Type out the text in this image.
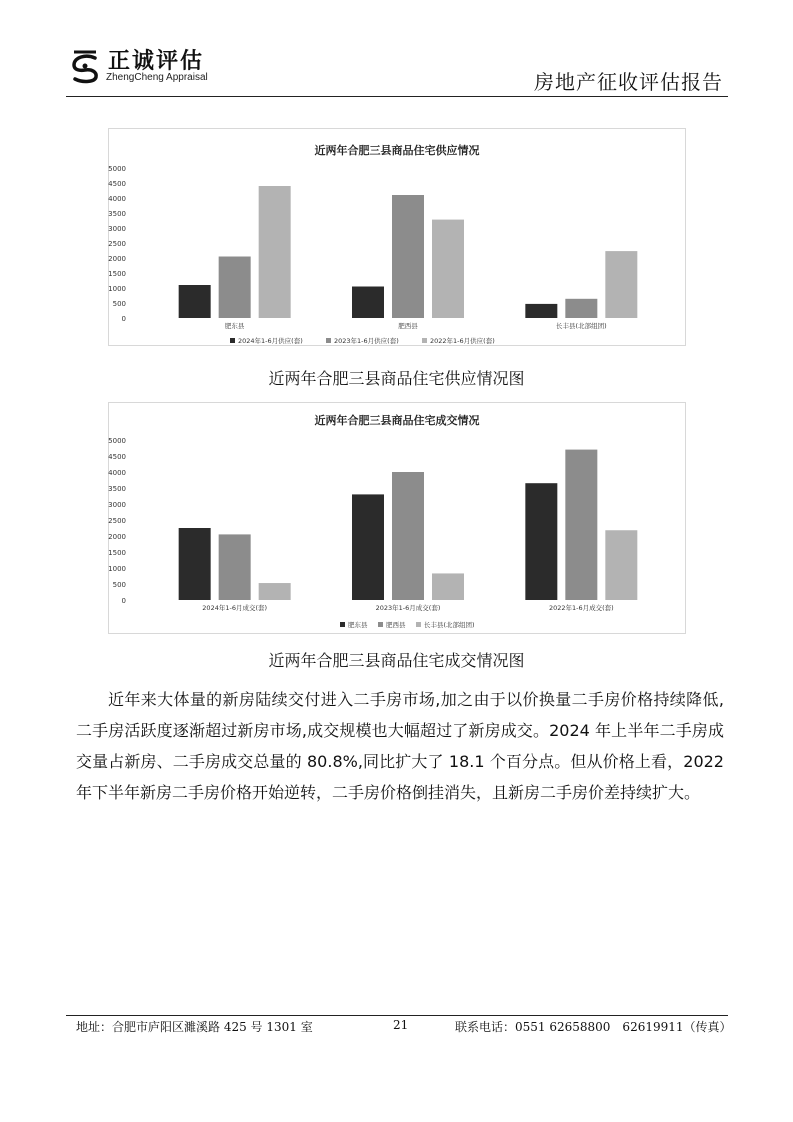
正诚评估
ZhengCheng Appraisal	房地产征收评估报告
近两年合肥三县商品住宅供应情况
0
500
1000
1500
2000
2500
3000
3500
4000
4500
5000
肥东县	肥西县	长丰县(北部组团)
2024年1-6月供应(套)	2023年1-6月供应(套)	2022年1-6月供应(套)
近两年合肥三县商品住宅供应情况图
近两年合肥三县商品住宅成交情况
0
500
1000
1500
2000
2500
3000
3500
4000
4500
5000
2024年1-6月成交(套)	2023年1-6月成交(套)	2022年1-6月成交(套)
肥东县	肥西县	长丰县(北部组团)
近两年合肥三县商品住宅成交情况图

近年来大体量的新房陆续交付进入二手房市场,加之由于以价换量二手房价格持续降低,二手房活跃度逐渐超过新房市场,成交规模也大幅超过了新房成交。2024 年上半年二手房成交量占新房、二手房成交总量的 80.8%,同比扩大了 18.1 个百分点。但从价格上看，2022 年下半年新房二手房价格开始逆转，二手房价格倒挂消失，且新房二手房价差持续扩大。

地址：合肥市庐阳区濉溪路 425 号 1301 室	21	联系电话：0551 62658800　62619911（传真）
